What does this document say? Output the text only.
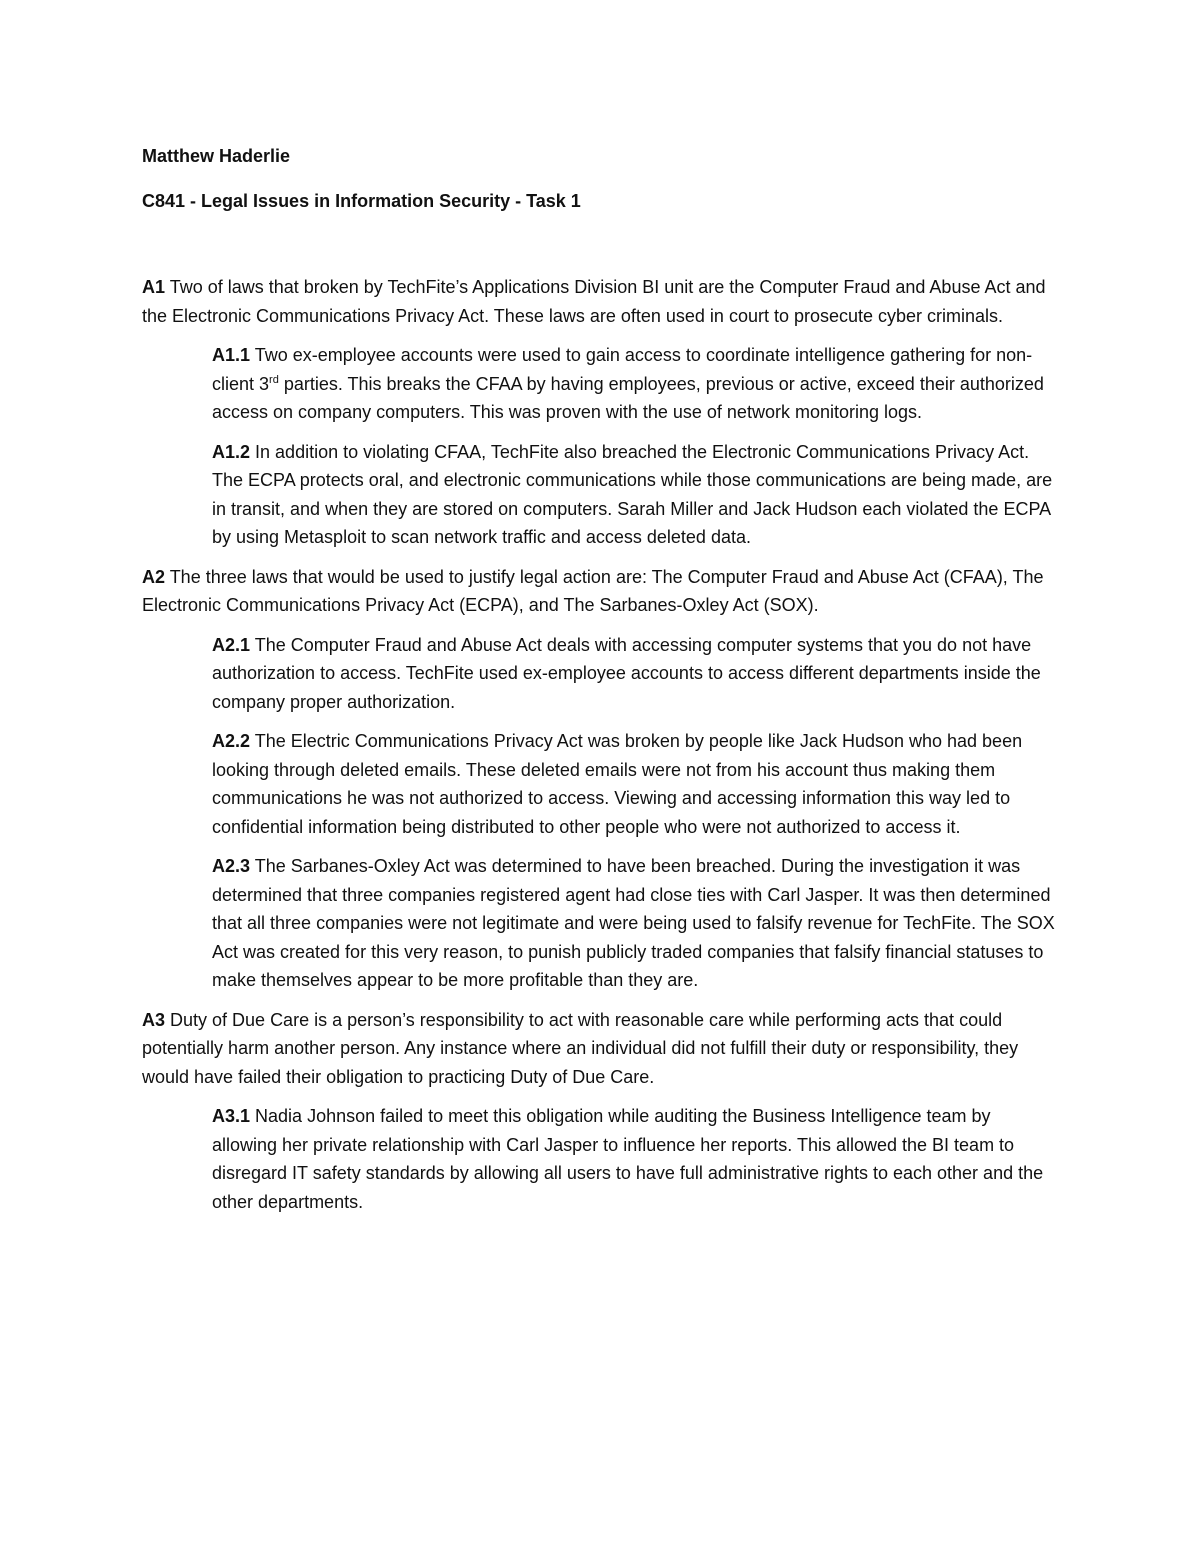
Matthew Haderlie
C841 - Legal Issues in Information Security - Task 1

A1 Two of laws that broken by TechFite’s Applications Division BI unit are the Computer Fraud and Abuse Act and the Electronic Communications Privacy Act. These laws are often used in court to prosecute cyber criminals.

A1.1 Two ex-employee accounts were used to gain access to coordinate intelligence gathering for non-client 3rd parties. This breaks the CFAA by having employees, previous or active, exceed their authorized access on company computers. This was proven with the use of network monitoring logs.

A1.2 In addition to violating CFAA, TechFite also breached the Electronic Communications Privacy Act. The ECPA protects oral, and electronic communications while those communications are being made, are in transit, and when they are stored on computers. Sarah Miller and Jack Hudson each violated the ECPA by using Metasploit to scan network traffic and access deleted data.

A2 The three laws that would be used to justify legal action are: The Computer Fraud and Abuse Act (CFAA), The Electronic Communications Privacy Act (ECPA), and The Sarbanes-Oxley Act (SOX).

A2.1 The Computer Fraud and Abuse Act deals with accessing computer systems that you do not have authorization to access. TechFite used ex-employee accounts to access different departments inside the company proper authorization.

A2.2 The Electric Communications Privacy Act was broken by people like Jack Hudson who had been looking through deleted emails. These deleted emails were not from his account thus making them communications he was not authorized to access. Viewing and accessing information this way led to confidential information being distributed to other people who were not authorized to access it.

A2.3 The Sarbanes-Oxley Act was determined to have been breached. During the investigation it was determined that three companies registered agent had close ties with Carl Jasper. It was then determined that all three companies were not legitimate and were being used to falsify revenue for TechFite. The SOX Act was created for this very reason, to punish publicly traded companies that falsify financial statuses to make themselves appear to be more profitable than they are.

A3 Duty of Due Care is a person’s responsibility to act with reasonable care while performing acts that could potentially harm another person. Any instance where an individual did not fulfill their duty or responsibility, they would have failed their obligation to practicing Duty of Due Care.

A3.1 Nadia Johnson failed to meet this obligation while auditing the Business Intelligence team by allowing her private relationship with Carl Jasper to influence her reports. This allowed the BI team to disregard IT safety standards by allowing all users to have full administrative rights to each other and the other departments.
